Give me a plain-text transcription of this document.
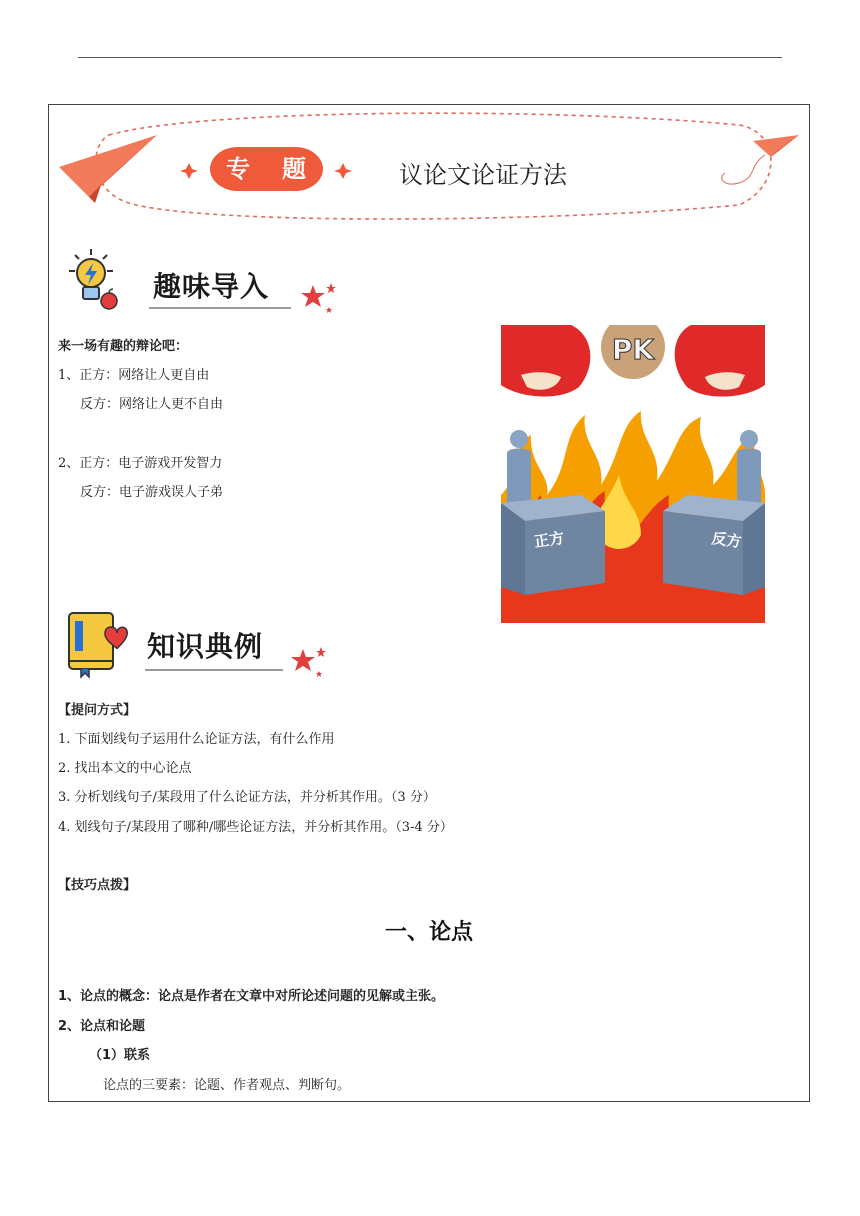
专	题	议论文论证方法
趣味导入
来一场有趣的辩论吧：
1、正方：网络让人更自由
反方：网络让人更不自由
2、正方：电子游戏开发智力
反方：电子游戏误人子弟
PK
正方	反方
知识典例
【提问方式】
1. 下面划线句子运用什么论证方法，有什么作用
2. 找出本文的中心论点
3. 分析划线句子/某段用了什么论证方法，并分析其作用。（3 分）
4. 划线句子/某段用了哪种/哪些论证方法，并分析其作用。（3-4 分）
【技巧点拨】
一、论点
1、论点的概念：论点是作者在文章中对所论述问题的见解或主张。
2、论点和论题
（1）联系
论点的三要素：论题、作者观点、判断句。
